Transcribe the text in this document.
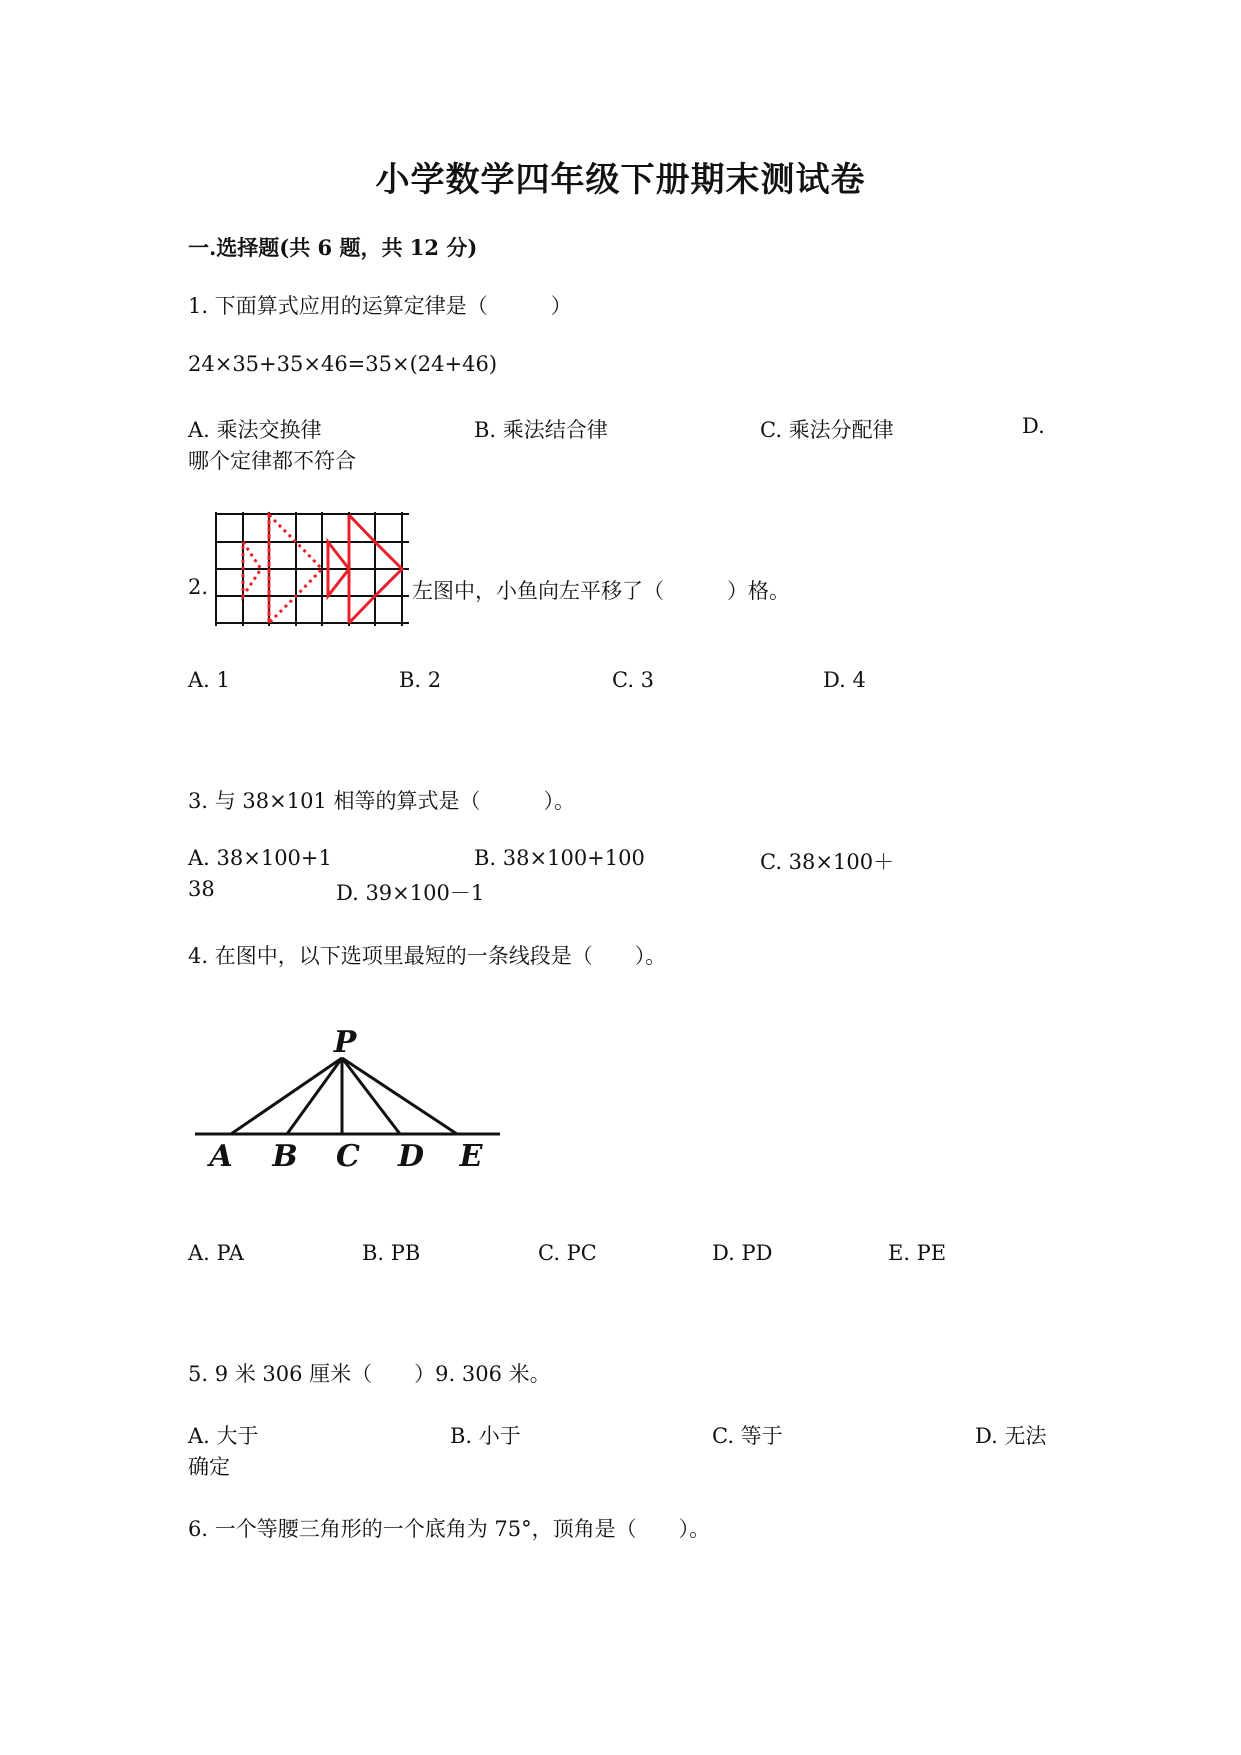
小学数学四年级下册期末测试卷
一.选择题(共 6 题，共 12 分)
1. 下面算式应用的运算定律是（　　　）
24×35+35×46=35×(24+46)
A. 乘法交换律	B. 乘法结合律	C. 乘法分配律	D.
哪个定律都不符合
2.	左图中，小鱼向左平移了（　　　）格。
A. 1	B. 2	C. 3	D. 4
3. 与 38×101 相等的算式是（　　　）。
A. 38×100+1	B. 38×100+100	C. 38×100＋
38	D. 39×100－1
4. 在图中，以下选项里最短的一条线段是（　　）。
P
A B C D E
A. PA	B. PB	C. PC	D. PD	E. PE
5. 9 米 306 厘米（　　）9. 306 米。
A. 大于	B. 小于	C. 等于	D. 无法
确定
6. 一个等腰三角形的一个底角为 75°，顶角是（　　）。
